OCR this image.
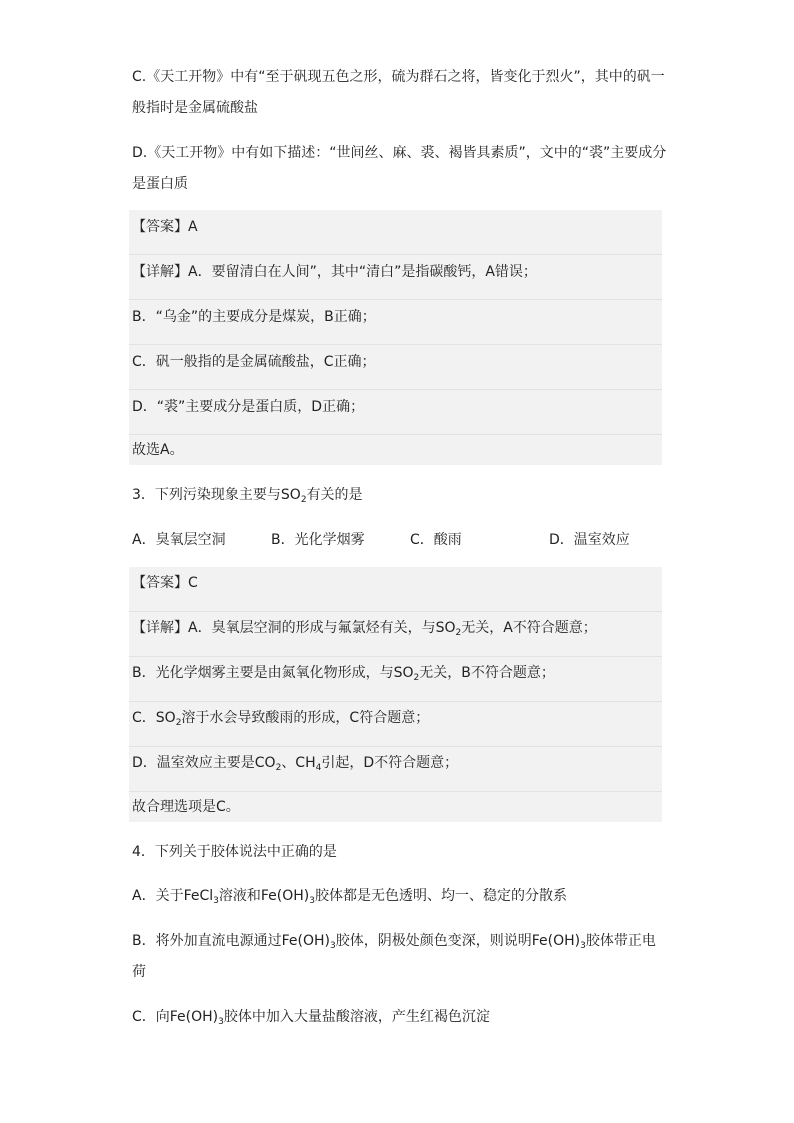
C.《天工开物》中有“至于矾现五色之形，硫为群石之将，皆变化于烈火”，其中的矾一
般指时是金属硫酸盐
D.《天工开物》中有如下描述：“世间丝、麻、裘、褐皆具素质”，文中的“裘”主要成分
是蛋白质
【答案】A
【详解】A．要留清白在人间”，其中“清白”是指碳酸钙，A错误；
B．“乌金”的主要成分是煤炭，B正确；
C．矾一般指的是金属硫酸盐，C正确；
D．“裘”主要成分是蛋白质，D正确；
故选A。
3．下列污染现象主要与$SO_2$有关的是
A．臭氧层空洞	B．光化学烟雾	C．酸雨	D．温室效应
【答案】C
【详解】A．臭氧层空洞的形成与氟氯烃有关，与$SO_2$无关，A不符合题意；
B．光化学烟雾主要是由氮氧化物形成，与$SO_2$无关，B不符合题意；
C．$SO_2$溶于水会导致酸雨的形成，C符合题意；
D．温室效应主要是$CO_2$、$CH_4$引起，D不符合题意；
故合理选项是C。
4．下列关于胶体说法中正确的是
A．关于FeCl$_3$溶液和$Fe(OH)_3$胶体都是无色透明、均一、稳定的分散系
B．将外加直流电源通过$Fe(OH)_3$胶体，阴极处颜色变深，则说明$Fe(OH)_3$胶体带正电
荷
C．向$Fe(OH)_3$胶体中加入大量盐酸溶液，产生红褐色沉淀
